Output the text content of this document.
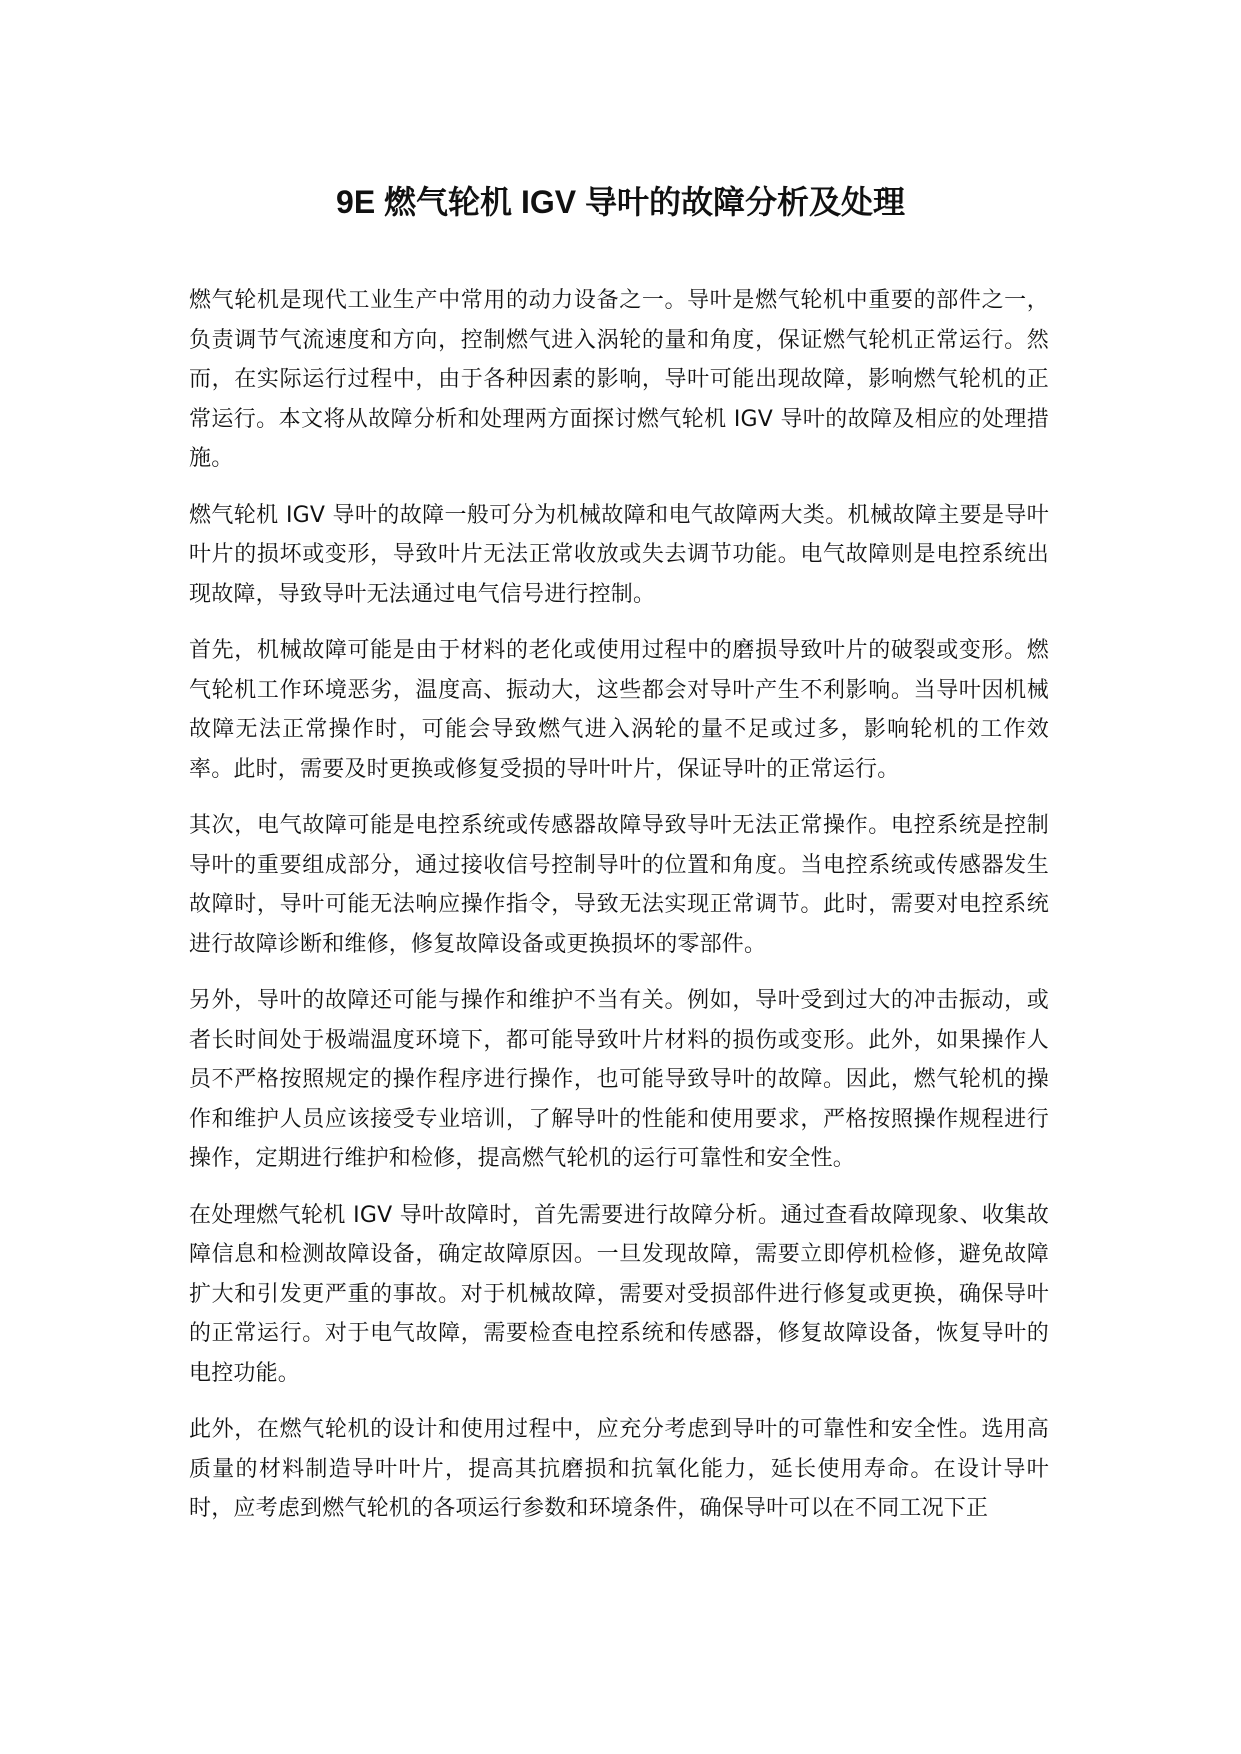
9E 燃气轮机 IGV 导叶的故障分析及处理

燃气轮机是现代工业生产中常用的动力设备之一。导叶是燃气轮机中重要的部件之一，负责调节气流速度和方向，控制燃气进入涡轮的量和角度，保证燃气轮机正常运行。然而，在实际运行过程中，由于各种因素的影响，导叶可能出现故障，影响燃气轮机的正常运行。本文将从故障分析和处理两方面探讨燃气轮机 IGV 导叶的故障及相应的处理措施。

燃气轮机 IGV 导叶的故障一般可分为机械故障和电气故障两大类。机械故障主要是导叶叶片的损坏或变形，导致叶片无法正常收放或失去调节功能。电气故障则是电控系统出现故障，导致导叶无法通过电气信号进行控制。

首先，机械故障可能是由于材料的老化或使用过程中的磨损导致叶片的破裂或变形。燃气轮机工作环境恶劣，温度高、振动大，这些都会对导叶产生不利影响。当导叶因机械故障无法正常操作时，可能会导致燃气进入涡轮的量不足或过多，影响轮机的工作效率。此时，需要及时更换或修复受损的导叶叶片，保证导叶的正常运行。

其次，电气故障可能是电控系统或传感器故障导致导叶无法正常操作。电控系统是控制导叶的重要组成部分，通过接收信号控制导叶的位置和角度。当电控系统或传感器发生故障时，导叶可能无法响应操作指令，导致无法实现正常调节。此时，需要对电控系统进行故障诊断和维修，修复故障设备或更换损坏的零部件。

另外，导叶的故障还可能与操作和维护不当有关。例如，导叶受到过大的冲击振动，或者长时间处于极端温度环境下，都可能导致叶片材料的损伤或变形。此外，如果操作人员不严格按照规定的操作程序进行操作，也可能导致导叶的故障。因此，燃气轮机的操作和维护人员应该接受专业培训，了解导叶的性能和使用要求，严格按照操作规程进行操作，定期进行维护和检修，提高燃气轮机的运行可靠性和安全性。

在处理燃气轮机 IGV 导叶故障时，首先需要进行故障分析。通过查看故障现象、收集故障信息和检测故障设备，确定故障原因。一旦发现故障，需要立即停机检修，避免故障扩大和引发更严重的事故。对于机械故障，需要对受损部件进行修复或更换，确保导叶的正常运行。对于电气故障，需要检查电控系统和传感器，修复故障设备，恢复导叶的电控功能。

此外，在燃气轮机的设计和使用过程中，应充分考虑到导叶的可靠性和安全性。选用高质量的材料制造导叶叶片，提高其抗磨损和抗氧化能力，延长使用寿命。在设计导叶时，应考虑到燃气轮机的各项运行参数和环境条件，确保导叶可以在不同工况下正
